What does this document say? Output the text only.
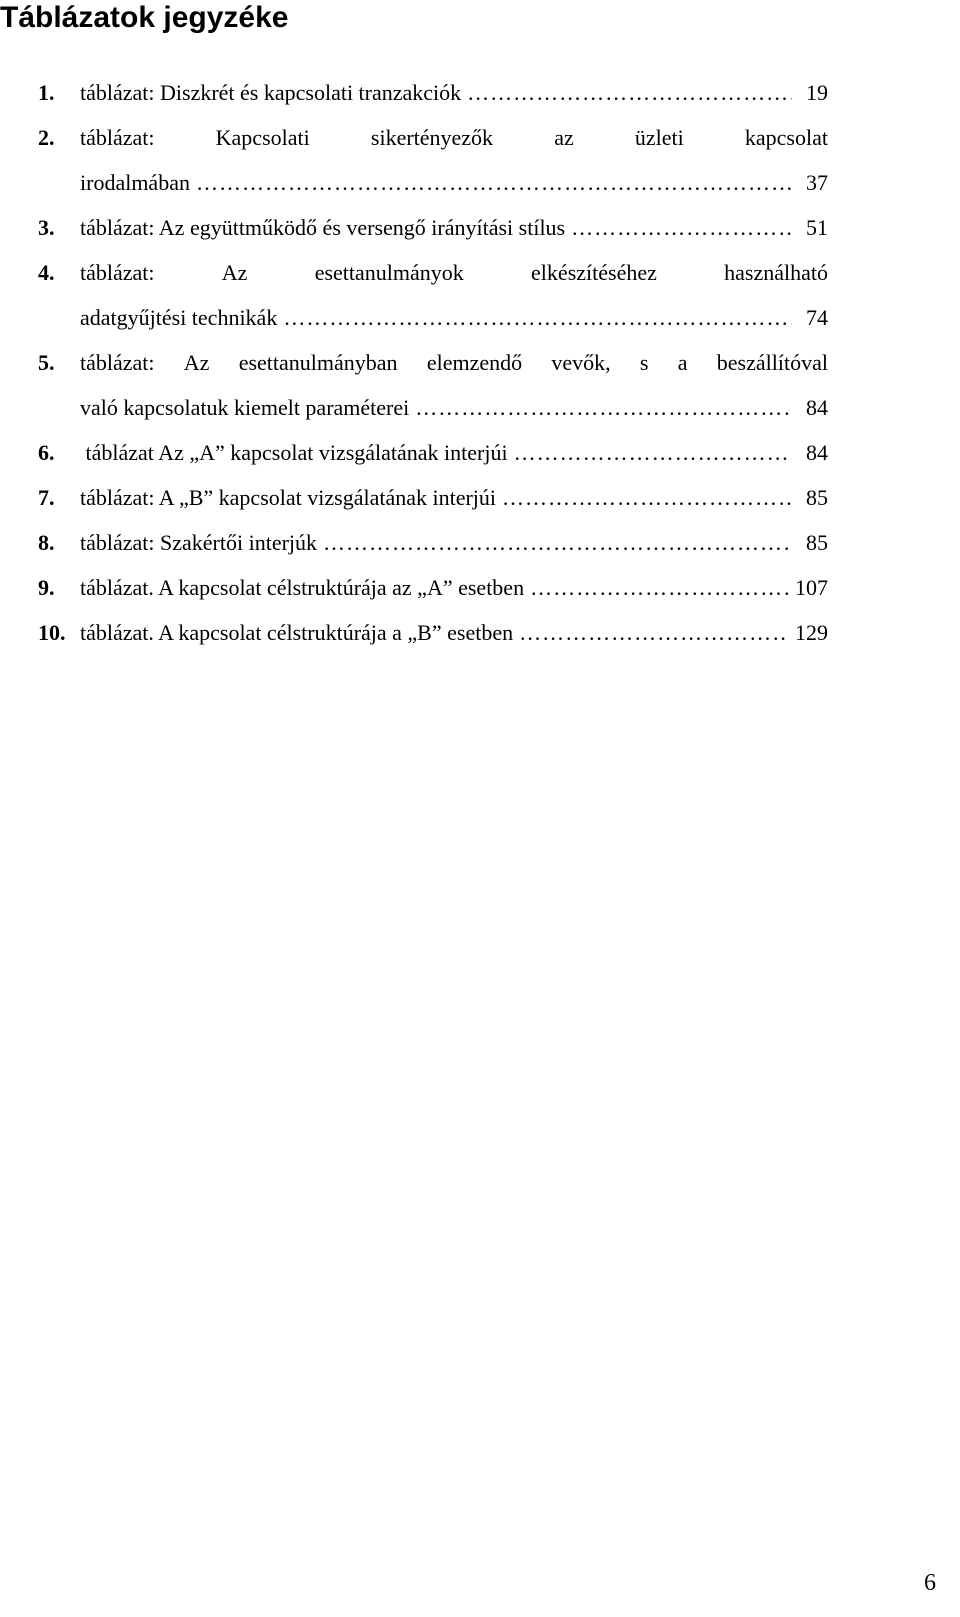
Táblázatok jegyzéke
1. táblázat: Diszkrét és kapcsolati tranzakciók …………………………………………………………………………………………………………………………	19
2. táblázat:	Kapcsolati	sikertényezők	az	üzleti	kapcsolat
irodalmában …………………………………………………………………………………………………………………………	37
3. táblázat: Az együttműködő és versengő irányítási stílus …………………………………………………………………………………………………………………………	51
4. táblázat:	Az	esettanulmányok	elkészítéséhez	használható
adatgyűjtési technikák …………………………………………………………………………………………………………………………	74
5. táblázat: Az esettanulmányban elemzendő vevők, s a beszállítóval
való kapcsolatuk kiemelt paraméterei …………………………………………………………………………………………………………………………	84
6. táblázat Az „A” kapcsolat vizsgálatának interjúi …………………………………………………………………………………………………………………………	84
7. táblázat: A „B” kapcsolat vizsgálatának interjúi …………………………………………………………………………………………………………………………	85
8. táblázat: Szakértői interjúk …………………………………………………………………………………………………………………………	85
9. táblázat. A kapcsolat célstruktúrája az „A” esetben …………………………………………………………………………………………………………………………	107
10. táblázat. A kapcsolat célstruktúrája a „B” esetben …………………………………………………………………………………………………………………………	129
6
